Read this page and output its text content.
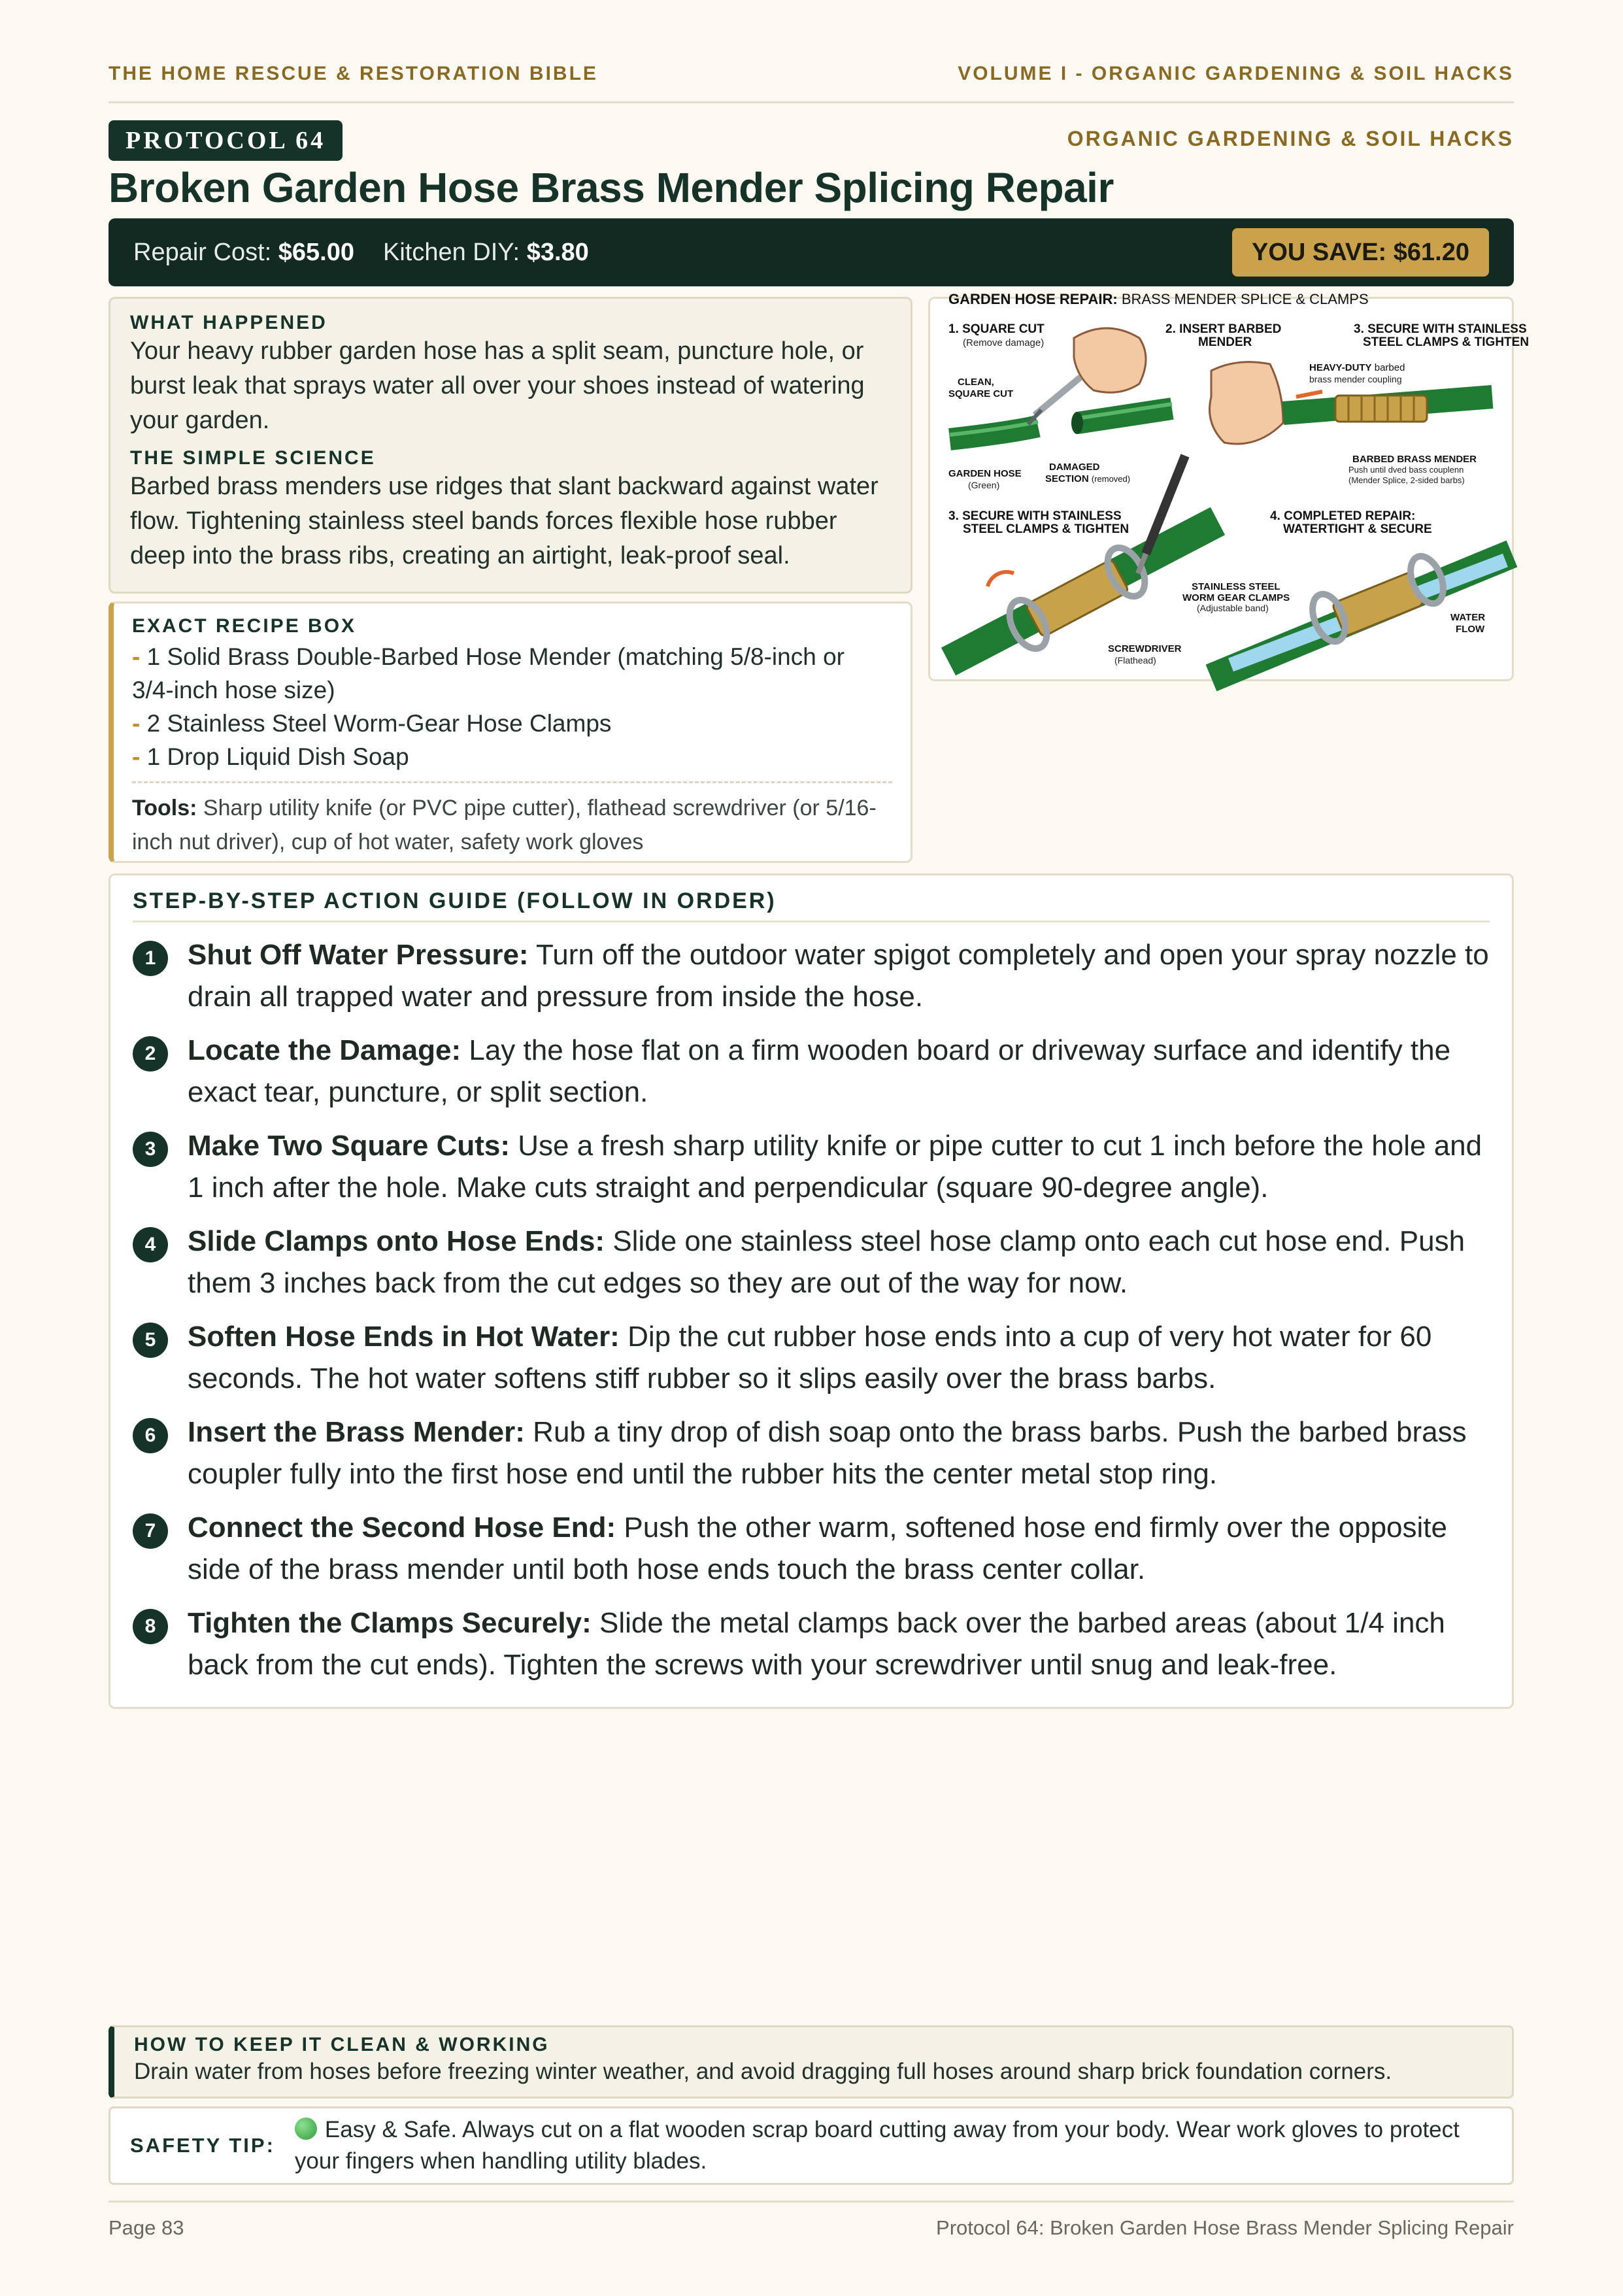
THE HOME RESCUE & RESTORATION BIBLE	VOLUME I - ORGANIC GARDENING & SOIL HACKS
PROTOCOL 64	ORGANIC GARDENING & SOIL HACKS
Broken Garden Hose Brass Mender Splicing Repair
Repair Cost:
$65.00 Kitchen DIY:
$3.80	YOU SAVE: $61.20
WHAT HAPPENED
Your heavy rubber garden hose has a split seam, puncture hole, or burst leak that sprays water all over your shoes instead of watering your garden.
THE SIMPLE SCIENCE
Barbed brass menders use ridges that slant backward against water flow. Tightening stainless steel bands forces flexible hose rubber deep into the brass ribs, creating an airtight, leak-proof seal.
EXACT RECIPE BOX
- 1 Solid Brass Double-Barbed Hose Mender (matching 5/8-inch or 3/4-inch hose size)
- 2 Stainless Steel Worm-Gear Hose Clamps
- 1 Drop Liquid Dish Soap
Tools: Sharp utility knife (or PVC pipe cutter), flathead screwdriver (or 5/16-inch nut driver), cup of hot water, safety work gloves
GARDEN HOSE REPAIR: BRASS MENDER SPLICE & CLAMPS
1. SQUARE CUT
(Remove damage)
CLEAN,
SQUARE CUT
GARDEN HOSE
(Green)
DAMAGED
SECTION (removed)
2. INSERT BARBED
MENDER
HEAVY-DUTY barbed
brass mender coupling
3. SECURE WITH STAINLESS
STEEL CLAMPS & TIGHTEN
BARBED BRASS MENDER
Push until dved bass couplenn
(Mender Splice, 2-sided barbs)
3. SECURE WITH STAINLESS
STEEL CLAMPS & TIGHTEN
STAINLESS STEEL
WORM GEAR CLAMPS
(Adjustable band)
SCREWDRIVER
(Flathead)
4. COMPLETED REPAIR:
WATERTIGHT & SECURE
WATER
FLOW
STEP-BY-STEP ACTION GUIDE (FOLLOW IN ORDER)
1	Shut Off Water Pressure: Turn off the outdoor water spigot completely and open your spray nozzle to drain all trapped water and pressure from inside the hose.
2	Locate the Damage: Lay the hose flat on a firm wooden board or driveway surface and identify the exact tear, puncture, or split section.
3	Make Two Square Cuts: Use a fresh sharp utility knife or pipe cutter to cut 1 inch before the hole and 1 inch after the hole. Make cuts straight and perpendicular (square 90-degree angle).
4	Slide Clamps onto Hose Ends: Slide one stainless steel hose clamp onto each cut hose end. Push them 3 inches back from the cut edges so they are out of the way for now.
5	Soften Hose Ends in Hot Water: Dip the cut rubber hose ends into a cup of very hot water for 60 seconds. The hot water softens stiff rubber so it slips easily over the brass barbs.
6	Insert the Brass Mender: Rub a tiny drop of dish soap onto the brass barbs. Push the barbed brass coupler fully into the first hose end until the rubber hits the center metal stop ring.
7	Connect the Second Hose End: Push the other warm, softened hose end firmly over the opposite side of the brass mender until both hose ends touch the brass center collar.
8	Tighten the Clamps Securely: Slide the metal clamps back over the barbed areas (about 1/4 inch back from the cut ends). Tighten the screws with your screwdriver until snug and leak-free.
HOW TO KEEP IT CLEAN & WORKING
Drain water from hoses before freezing winter weather, and avoid dragging full hoses around sharp brick foundation corners.
SAFETY TIP:
Easy & Safe. Always cut on a flat wooden scrap board cutting away from your body. Wear work gloves to protect your fingers when handling utility blades.
Page 83	Protocol 64: Broken Garden Hose Brass Mender Splicing Repair
